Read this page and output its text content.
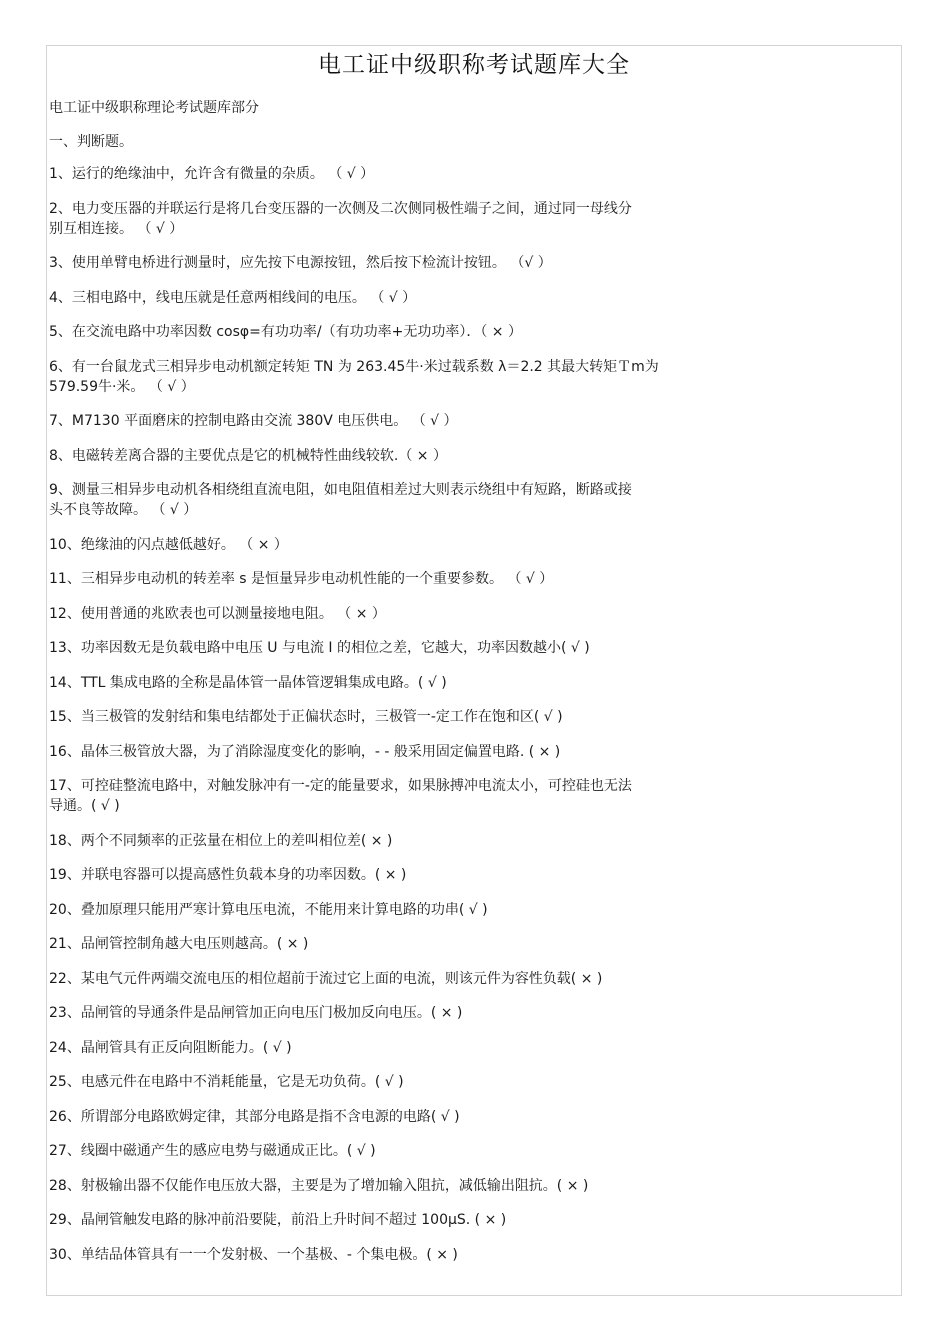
电工证中级职称考试题库大全

电工证中级职称理论考试题库部分

一、判断题。

1、运行的绝缘油中，允许含有微量的杂质。 （ √ ）
2、电力变压器的并联运行是将几台变压器的一次侧及二次侧同极性端子之间，通过同一母线分
别互相连接。 （ √ ）
3、使用单臂电桥进行测量时，应先按下电源按钮，然后按下检流计按钮。 （√ ）
4、三相电路中，线电压就是任意两相线间的电压。 （ √ ）
5、在交流电路中功率因数 cosφ=有功功率/（有功功率+无功功率）．（ × ）
6、有一台鼠龙式三相异步电动机额定转矩 TN 为 263.45牛·米过载系数 λ＝2.2 其最大转矩Ｔm为
579.59牛·米。 （ √ ）
7、M7130 平面磨床的控制电路由交流 380V 电压供电。 （ √ ）
8、电磁转差离合器的主要优点是它的机械特性曲线较软.（ × ）
9、测量三相异步电动机各相绕组直流电阻，如电阻值相差过大则表示绕组中有短路，断路或接
头不良等故障。 （ √ ）
10、绝缘油的闪点越低越好。 （ × ）
11、三相异步电动机的转差率 s 是恒量异步电动机性能的一个重要参数。 （ √ ）
12、使用普通的兆欧表也可以测量接地电阻。 （ × ）
13、功率因数无是负载电路中电压 U 与电流 I 的相位之差，它越大，功率因数越小( √ )
14、TTL 集成电路的全称是晶体管一晶体管逻辑集成电路。( √ )
15、当三极管的发射结和集电结都处于正偏状态时，三极管一-定工作在饱和区( √ )
16、晶体三极管放大器，为了消除湿度变化的影响，- - 般采用固定偏置电路. ( × )
17、可控硅整流电路中，对触发脉冲有一-定的能量要求，如果脉搏冲电流太小，可控硅也无法
导通。( √ )
18、两个不同频率的正弦量在相位上的差叫相位差( × )
19、并联电容器可以提高感性负载本身的功率因数。( × )
20、叠加原理只能用严寒计算电压电流，不能用来计算电路的功串( √ )
21、品闸管控制角越大电压则越高。( × )
22、某电气元件两端交流电压的相位超前于流过它上面的电流，则该元件为容性负载( × )
23、品闸管的导通条件是品闸管加正向电压门极加反向电压。( × )
24、晶闸管具有正反向阻断能力。( √ )
25、电感元件在电路中不消耗能量，它是无功负荷。( √ )
26、所谓部分电路欧姆定律，其部分电路是指不含电源的电路( √ )
27、线圈中磁通产生的感应电势与磁通成正比。( √ )
28、射极输出器不仅能作电压放大器，主要是为了增加输入阻抗，减低输出阻抗。( × )
29、晶闸管触发电路的脉冲前沿要陡，前沿上升时间不超过 100μS. ( × )
30、单结品体管具有一一个发射极、一个基极、- 个集电极。( × )
